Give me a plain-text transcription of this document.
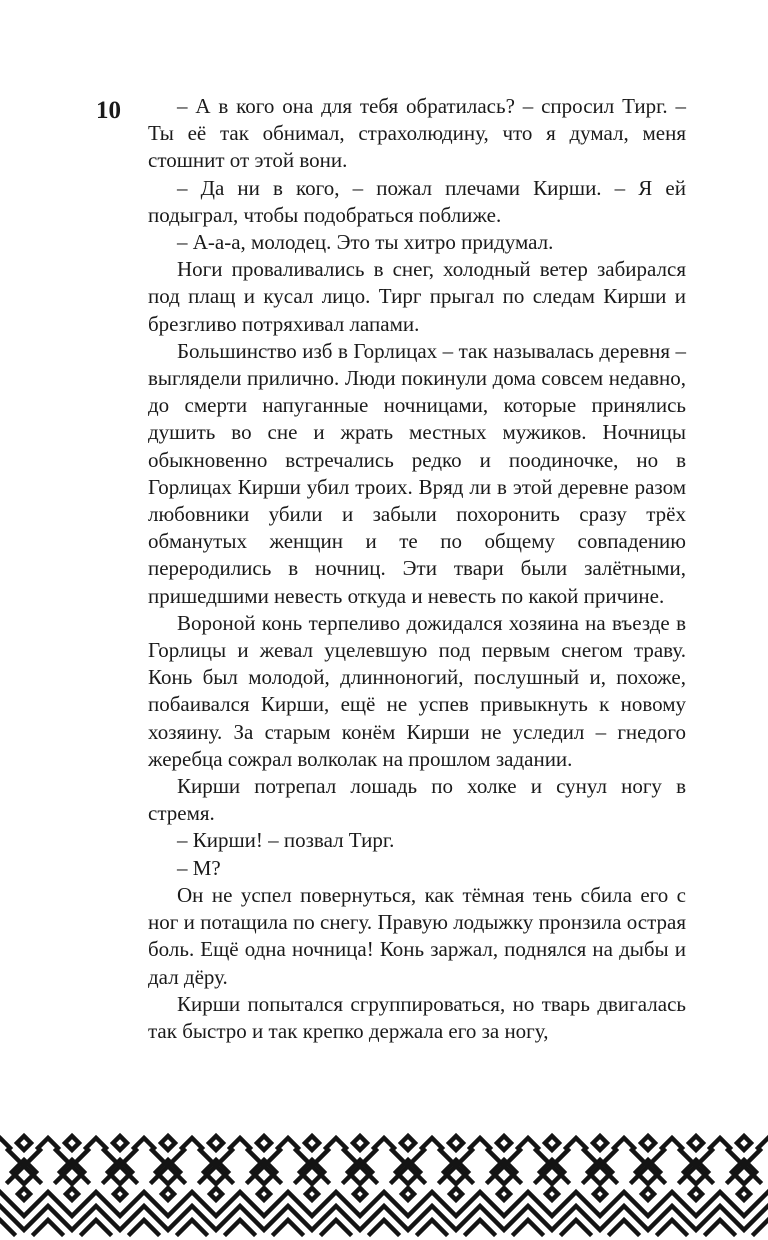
10	– А в кого она для тебя обратилась? – спросил Тирг. – Ты её так обнимал, страхолюдину, что я думал, меня стошнит от этой вони.

– Да ни в кого, – пожал плечами Кирши. – Я ей подыграл, чтобы подобраться поближе.

– А-а-а, молодец. Это ты хитро придумал.

Ноги проваливались в снег, холодный ветер забирался под плащ и кусал лицо. Тирг прыгал по следам Кирши и брезгливо потряхивал лапами.

Большинство изб в Горлицах – так называлась деревня – выглядели прилично. Люди покинули дома совсем недавно, до смерти напуганные ночницами, которые принялись душить во сне и жрать местных мужиков. Ночницы обыкновенно встречались редко и поодиночке, но в Горлицах Кирши убил троих. Вряд ли в этой деревне разом любовники убили и забыли похоронить сразу трёх обманутых женщин и те по общему совпадению переродились в ночниц. Эти твари были залётными, пришедшими невесть откуда и невесть по какой причине.

Вороной конь терпеливо дожидался хозяина на въезде в Горлицы и жевал уцелевшую под первым снегом траву. Конь был молодой, длинноногий, послушный и, похоже, побаивался Кирши, ещё не успев привыкнуть к новому хозяину. За старым конём Кирши не уследил – гнедого жеребца сожрал волколак на прошлом задании.

Кирши потрепал лошадь по холке и сунул ногу в стремя.

– Кирши! – позвал Тирг.

– М?

Он не успел повернуться, как тёмная тень сбила его с ног и потащила по снегу. Правую лодыжку пронзила острая боль. Ещё одна ночница! Конь заржал, поднялся на дыбы и дал дёру.

Кирши попытался сгруппироваться, но тварь двигалась так быстро и так крепко держала его за ногу,
